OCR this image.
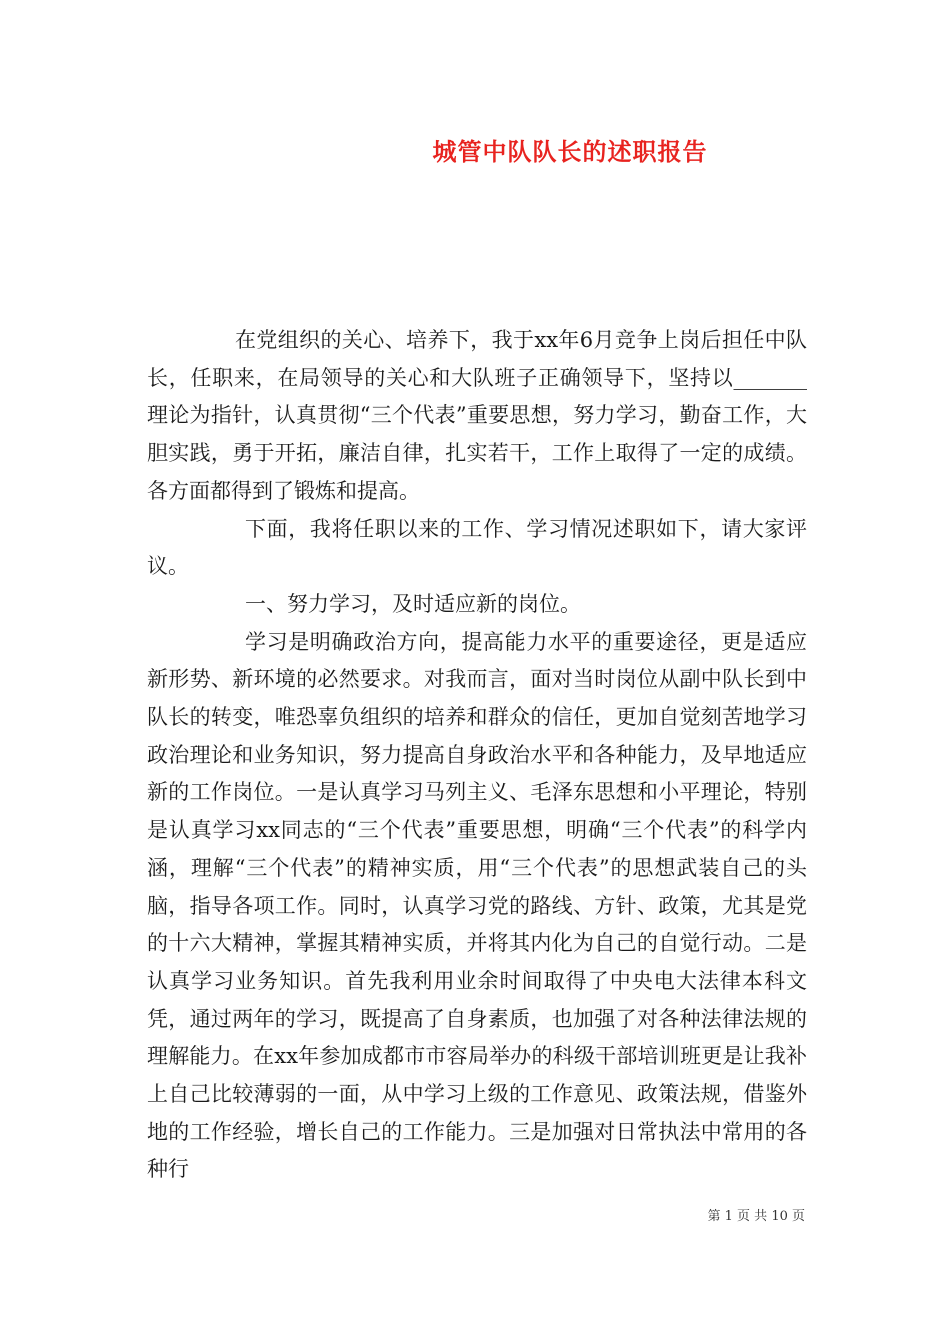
城管中队队长的述职报告

在党组织的关心、培养下，我于xx年6月竞争上岗后担任中队长，任职来，在局领导的关心和大队班子正确领导下，坚持以_______理论为指针，认真贯彻“三个代表”重要思想，努力学习，勤奋工作，大胆实践，勇于开拓，廉洁自律，扎实若干，工作上取得了一定的成绩。各方面都得到了锻炼和提高。

下面，我将任职以来的工作、学习情况述职如下，请大家评议。

一、努力学习，及时适应新的岗位。

学习是明确政治方向，提高能力水平的重要途径，更是适应新形势、新环境的必然要求。对我而言，面对当时岗位从副中队长到中队长的转变，唯恐辜负组织的培养和群众的信任，更加自觉刻苦地学习政治理论和业务知识，努力提高自身政治水平和各种能力，及早地适应新的工作岗位。一是认真学习马列主义、毛泽东思想和小平理论，特别是认真学习xx同志的“三个代表”重要思想，明确“三个代表”的科学内涵，理解“三个代表”的精神实质，用“三个代表”的思想武装自己的头脑，指导各项工作。同时，认真学习党的路线、方针、政策，尤其是党的十六大精神，掌握其精神实质，并将其内化为自己的自觉行动。二是认真学习业务知识。首先我利用业余时间取得了中央电大法律本科文凭，通过两年的学习，既提高了自身素质，也加强了对各种法律法规的理解能力。在xx年参加成都市市容局举办的科级干部培训班更是让我补上自己比较薄弱的一面，从中学习上级的工作意见、政策法规，借鉴外地的工作经验，增长自己的工作能力。三是加强对日常执法中常用的各种行

第 1 页 共 10 页
